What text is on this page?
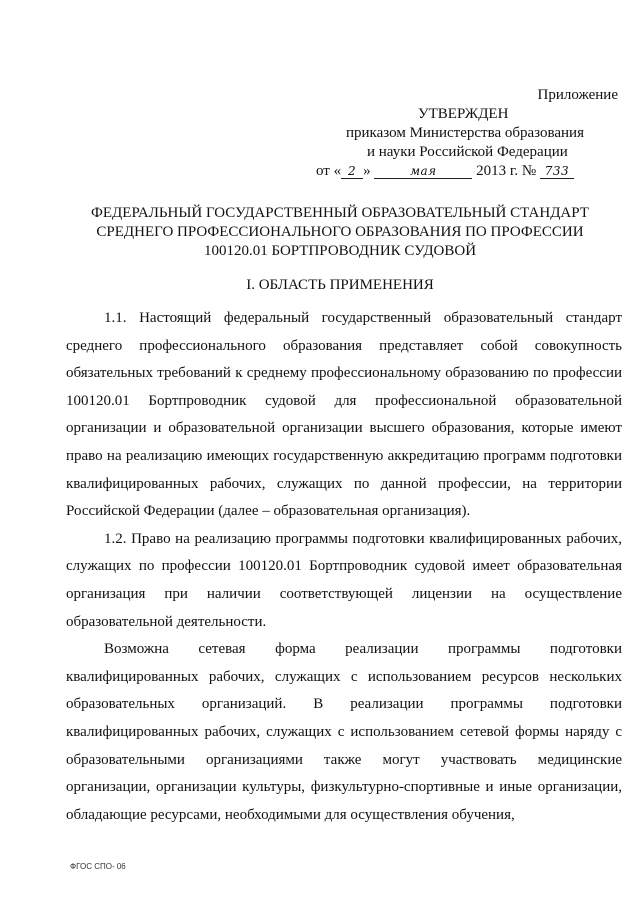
Приложение
УТВЕРЖДЕН
приказом Министерства образования
и науки Российской Федерации
от « 2 »	мая 2013 г. № 733
ФЕДЕРАЛЬНЫЙ ГОСУДАРСТВЕННЫЙ ОБРАЗОВАТЕЛЬНЫЙ СТАНДАРТ СРЕДНЕГО ПРОФЕССИОНАЛЬНОГО ОБРАЗОВАНИЯ ПО ПРОФЕССИИ 100120.01 БОРТПРОВОДНИК СУДОВОЙ
I. ОБЛАСТЬ ПРИМЕНЕНИЯ

1.1. Настоящий федеральный государственный образовательный стандарт среднего профессионального образования представляет собой совокупность обязательных требований к среднему профессиональному образованию по профессии 100120.01 Бортпроводник судовой для профессиональной образовательной организации и образовательной организации высшего образования, которые имеют право на реализацию имеющих государственную аккредитацию программ подготовки квалифицированных рабочих, служащих по данной профессии, на территории Российской Федерации (далее – образовательная организация).

1.2. Право на реализацию программы подготовки квалифицированных рабочих, служащих по профессии 100120.01 Бортпроводник судовой имеет образовательная организация при наличии соответствующей лицензии на осуществление образовательной деятельности.

Возможна сетевая форма реализации программы подготовки квалифицированных рабочих, служащих с использованием ресурсов нескольких образовательных организаций. В реализации программы подготовки квалифицированных рабочих, служащих с использованием сетевой формы наряду с образовательными организациями также могут участвовать медицинские организации, организации культуры, физкультурно-спортивные и иные организации, обладающие ресурсами, необходимыми для осуществления обучения,

ФГОС СПО- 06
